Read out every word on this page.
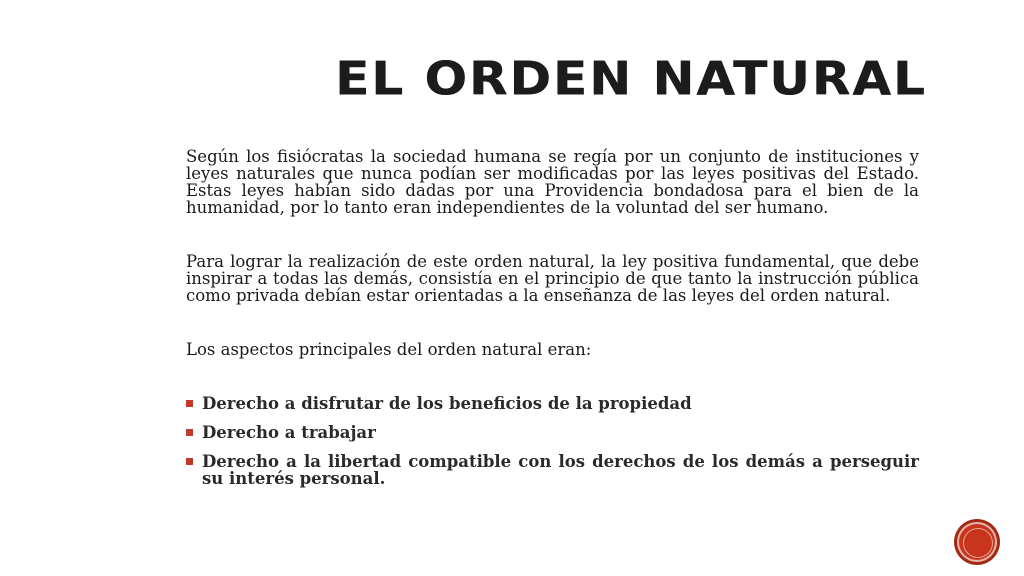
EL ORDEN NATURAL

Según los fisiócratas la sociedad humana se regía por un conjunto de instituciones y leyes naturales que nunca podían ser modificadas por las leyes positivas del Estado. Estas leyes habían sido dadas por una Providencia bondadosa para el bien de la humanidad, por lo tanto eran independientes de la voluntad del ser humano.

Para lograr la realización de este orden natural, la ley positiva fundamental, que debe inspirar a todas las demás, consistía en el principio de que tanto la instrucción pública como privada debían estar orientadas a la enseñanza de las leyes del orden natural.

Los aspectos principales del orden natural eran:

Derecho a disfrutar de los beneficios de la propiedad
Derecho a trabajar
Derecho a la libertad compatible con los derechos de los demás a perseguir su interés personal.
